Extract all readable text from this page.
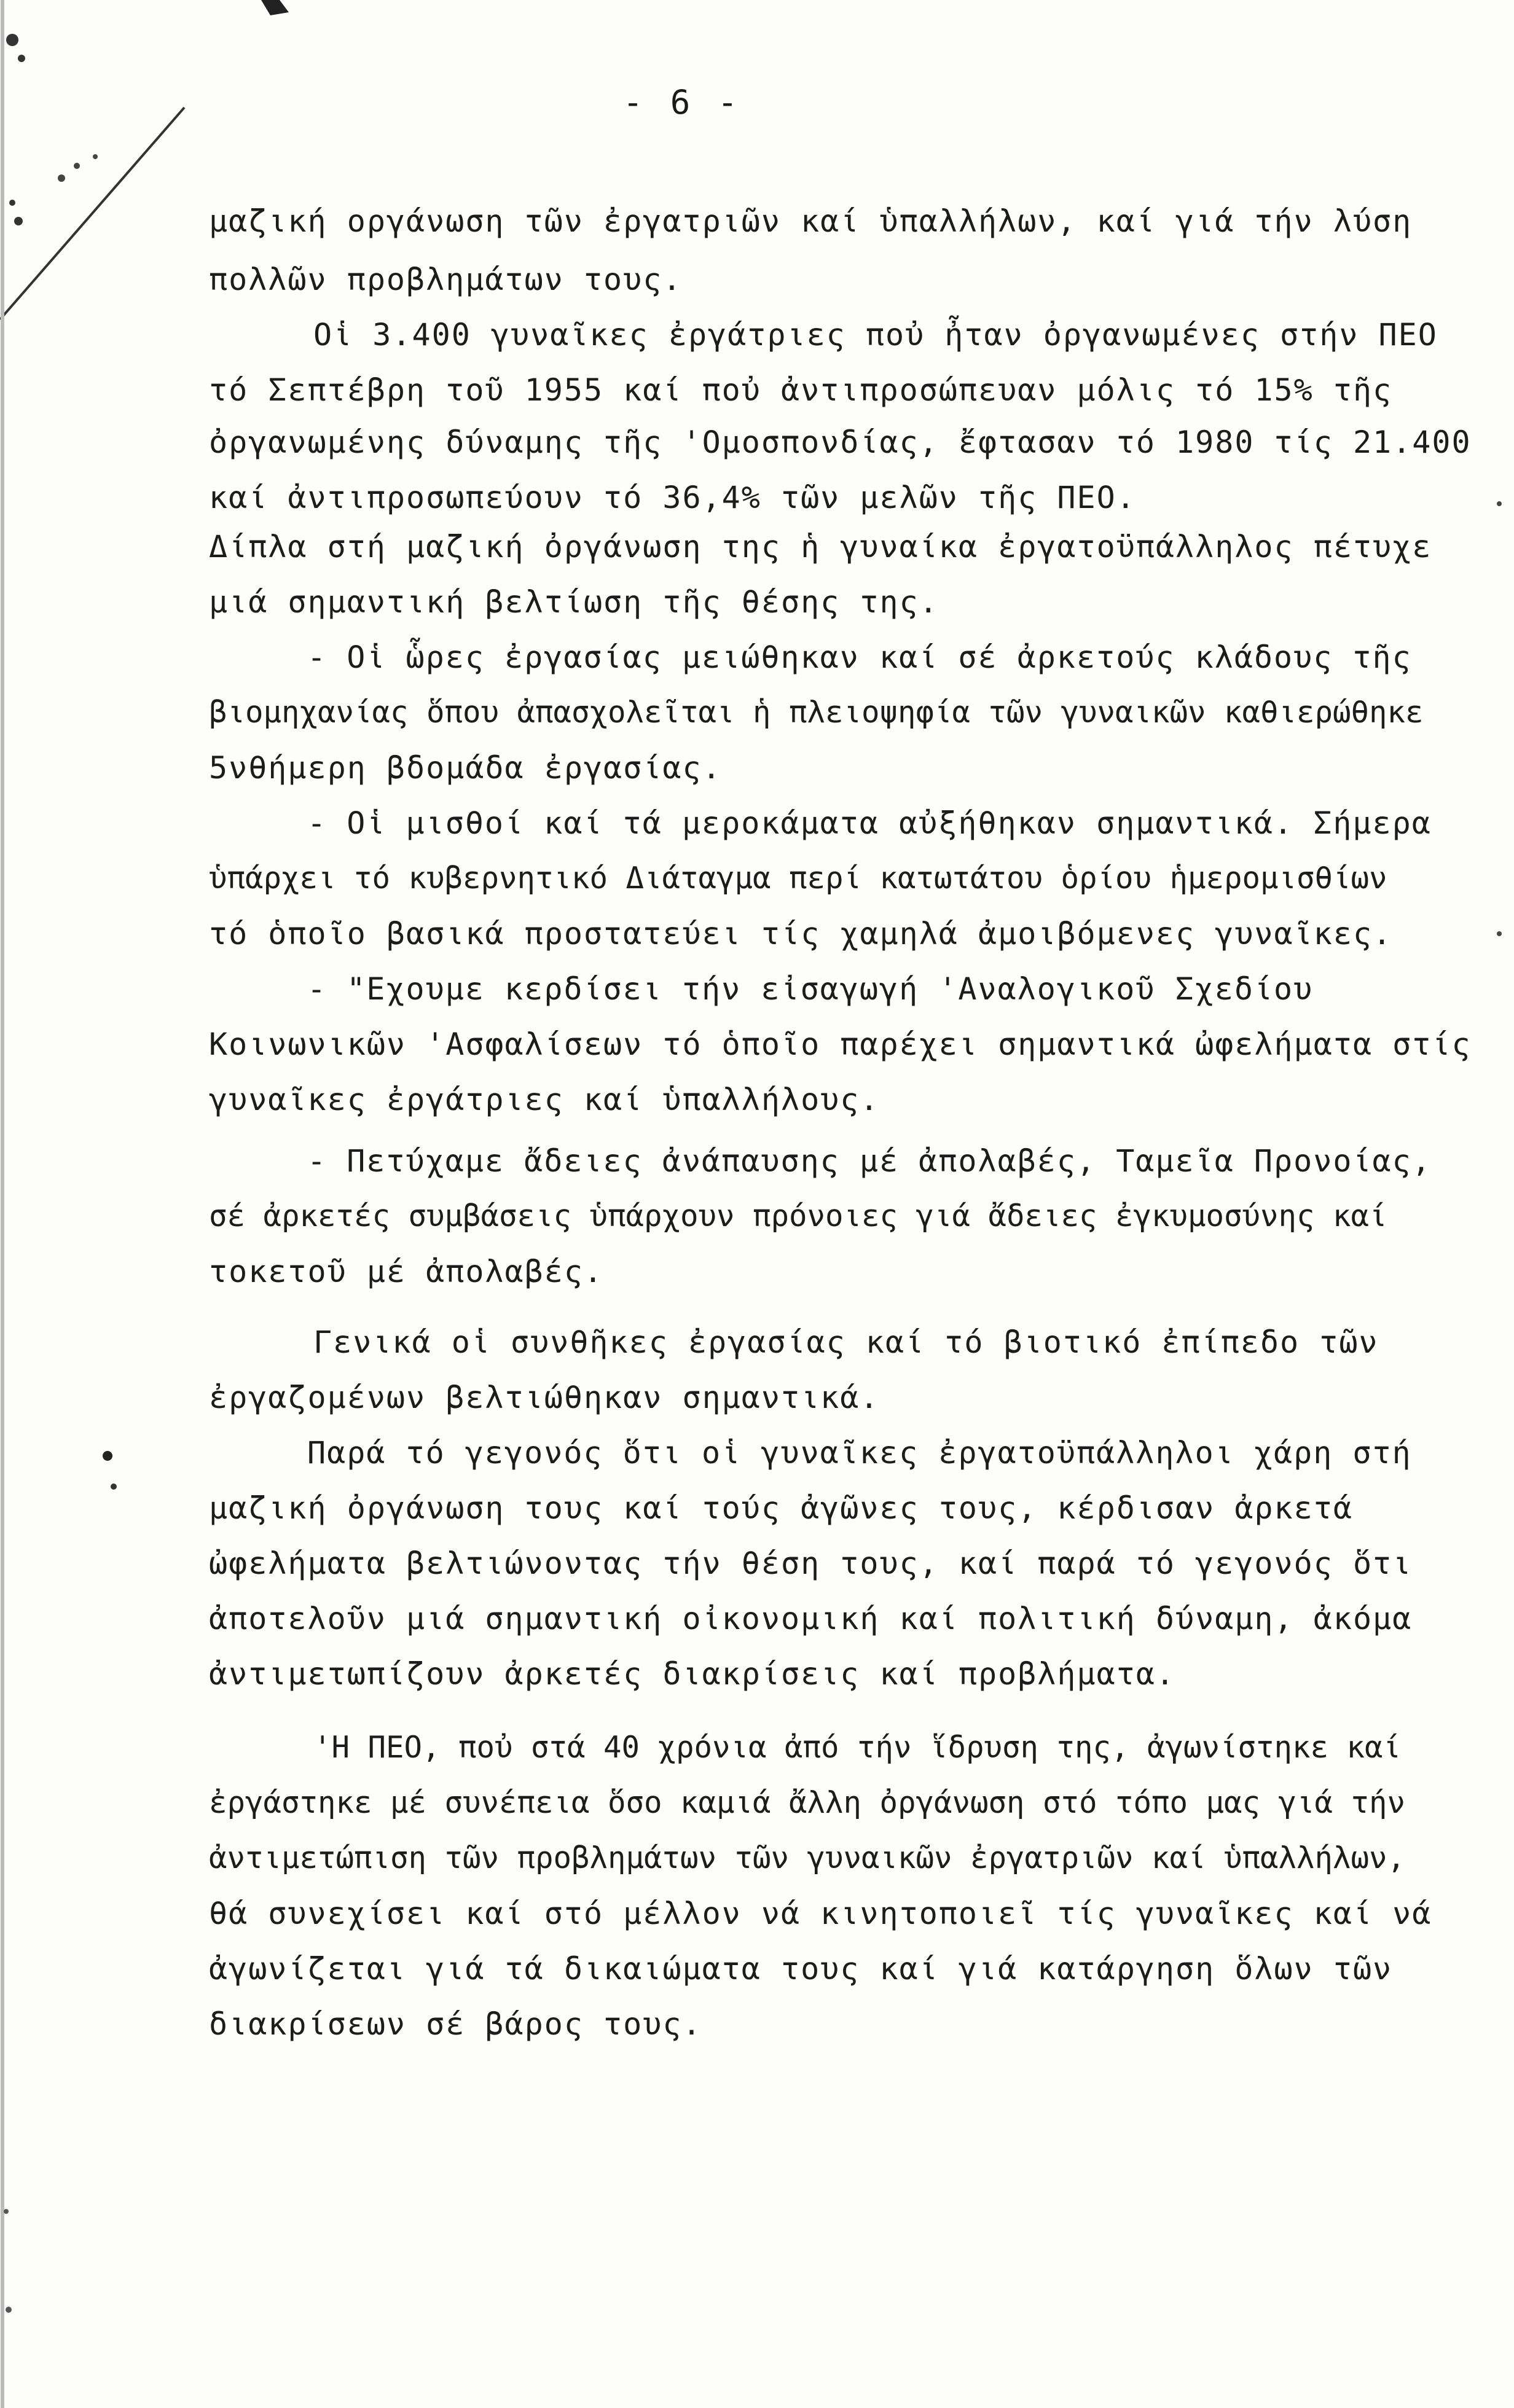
- 6 -
μαζική οργάνωση τῶν ἐργατριῶν καί ὑπαλλήλων, καί γιά τήν λύση
πολλῶν προβλημάτων τους.
Οἱ 3.400 γυναῖκες ἐργάτριες ποὐ ἦταν ὀργανωμένες στήν ΠΕΟ
τό Σεπτέβρη τοῦ 1955 καί ποὐ ἀντιπροσώπευαν μόλις τό 15% τῆς
ὀργανωμένης δύναμης τῆς 'Ομοσπονδίας, ἔφτασαν τό 1980 τίς 21.400
καί ἀντιπροσωπεύουν τό 36,4% τῶν μελῶν τῆς ΠΕΟ.
Δίπλα στή μαζική ὀργάνωση της ἡ γυναίκα ἐργατοϋπάλληλος πέτυχε
μιά σημαντική βελτίωση τῆς θέσης της.
- Οἱ ὧρες ἐργασίας μειώθηκαν καί σέ ἀρκετούς κλάδους τῆς
βιομηχανίας ὅπου ἀπασχολεῖται ἡ πλειοψηφία τῶν γυναικῶν καθιερώθηκε
5νθήμερη βδομάδα ἐργασίας.
- Οἱ μισθοί καί τά μεροκάματα αὐξήθηκαν σημαντικά. Σήμερα
ὑπάρχει τό κυβερνητικό Διάταγμα περί κατωτάτου ὁρίου ἡμερομισθίων
τό ὁποῖο βασικά προστατεύει τίς χαμηλά ἀμοιβόμενες γυναῖκες.
- "Εχουμε κερδίσει τήν εἰσαγωγή 'Αναλογικοῦ Σχεδίου
Κοινωνικῶν 'Ασφαλίσεων τό ὁποῖο παρέχει σημαντικά ὠφελήματα στίς
γυναῖκες ἐργάτριες καί ὑπαλλήλους.
- Πετύχαμε ἄδειες ἀνάπαυσης μέ ἀπολαβές, Ταμεῖα Προνοίας,
σέ ἀρκετές συμβάσεις ὑπάρχουν πρόνοιες γιά ἄδειες ἐγκυμοσύνης καί
τοκετοῦ μέ ἀπολαβές.
Γενικά οἱ συνθῆκες ἐργασίας καί τό βιοτικό ἐπίπεδο τῶν
ἐργαζομένων βελτιώθηκαν σημαντικά.
Παρά τό γεγονός ὅτι οἱ γυναῖκες ἐργατοϋπάλληλοι χάρη στή
μαζική ὀργάνωση τους καί τούς ἀγῶνες τους, κέρδισαν ἀρκετά
ὠφελήματα βελτιώνοντας τήν θέση τους, καί παρά τό γεγονός ὅτι
ἀποτελοῦν μιά σημαντική οἰκονομική καί πολιτική δύναμη, ἀκόμα
ἀντιμετωπίζουν ἀρκετές διακρίσεις καί προβλήματα.
'Η ΠΕΟ, ποὐ στά 40 χρόνια ἀπό τήν ἵδρυση της, ἀγωνίστηκε καί
ἐργάστηκε μέ συνέπεια ὅσο καμιά ἄλλη ὀργάνωση στό τόπο μας γιά τήν
ἀντιμετώπιση τῶν προβλημάτων τῶν γυναικῶν ἐργατριῶν καί ὑπαλλήλων,
θά συνεχίσει καί στό μέλλον νά κινητοποιεῖ τίς γυναῖκες καί νά
ἀγωνίζεται γιά τά δικαιώματα τους καί γιά κατάργηση ὅλων τῶν
διακρίσεων σέ βάρος τους.
